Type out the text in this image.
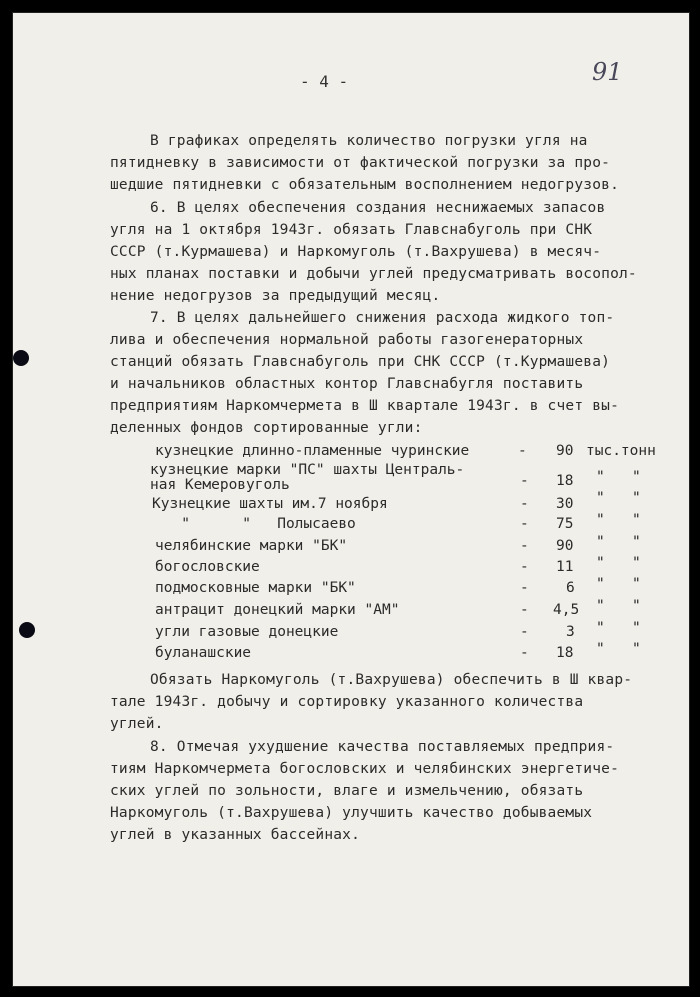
- 4 -	91
В графиках определять количество погрузки угля на
пятидневку в зависимости от фактической погрузки за про-
шедшие пятидневки с обязательным восполнением недогрузов.
6. В целях обеспечения создания неснижаемых запасов
угля на 1 октября 1943г. обязать Главснабуголь при СНК
СССР (т.Курмашева) и Наркомуголь (т.Вахрушева) в месяч-
ных планах поставки и добычи углей предусматривать восопол-
нение недогрузов за предыдущий месяц.
7. В целях дальнейшего снижения расхода жидкого топ-
лива и обеспечения нормальной работы газогенераторных
станций обязать Главснабуголь при СНК СССР (т.Курмашева)
и начальников областных контор Главснабугля поставить
предприятиям Наркомчермета в Ш квартале 1943г. в счет вы-
деленных фондов сортированные угли:
кузнецкие длинно-пламенные чуринские	- 90 тыс.тонн
кузнецкие марки "ПС" шахты Централь-
ная Кемеровуголь	- 18 " "
Кузнецкие шахты им.7 ноября	- 30 " "
"      "   Полысаево	- 75 " "
челябинские марки "БК"	- 90 " "
богословские	- 11 " "
подмосковные марки "БК"	-	6 " "
антрацит донецкий марки "АМ"	- 4,5 " "
угли газовые донецкие	-	3 " "
буланашские	- 18 " "
Обязать Наркомуголь (т.Вахрушева) обеспечить в Ш квар-
тале 1943г. добычу и сортировку указанного количества
углей.
8. Отмечая ухудшение качества поставляемых предприя-
тиям Наркомчермета богословских и челябинских энергетиче-
ских углей по зольности, влаге и измельчению, обязать
Наркомуголь (т.Вахрушева) улучшить качество добываемых
углей в указанных бассейнах.
